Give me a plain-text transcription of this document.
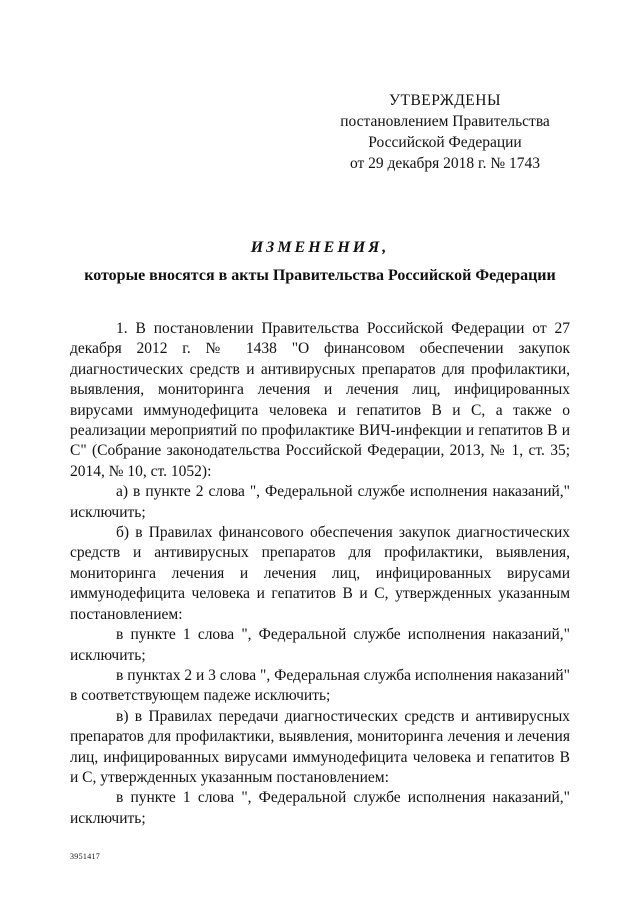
УТВЕРЖДЕНЫ
постановлением Правительства
Российской Федерации
от 29 декабря 2018 г. № 1743
ИЗМЕНЕНИЯ,
которые вносятся в акты Правительства Российской Федерации

1. В постановлении Правительства Российской Федерации от 27 декабря 2012 г. № 1438 "О финансовом обеспечении закупок диагностических средств и антивирусных препаратов для профилактики, выявления, мониторинга лечения и лечения лиц, инфицированных вирусами иммунодефицита человека и гепатитов В и С, а также о реализации мероприятий по профилактике ВИЧ-инфекции и гепатитов В и С" (Собрание законодательства Российской Федерации, 2013, № 1, ст. 35; 2014, № 10, ст. 1052):

а) в пункте 2 слова ", Федеральной службе исполнения наказаний," исключить;

б) в Правилах финансового обеспечения закупок диагностических средств и антивирусных препаратов для профилактики, выявления, мониторинга лечения и лечения лиц, инфицированных вирусами иммунодефицита человека и гепатитов В и С, утвержденных указанным постановлением:

в пункте 1 слова ", Федеральной службе исполнения наказаний," исключить;

в пунктах 2 и 3 слова ", Федеральная служба исполнения наказаний" в соответствующем падеже исключить;

в) в Правилах передачи диагностических средств и антивирусных препаратов для профилактики, выявления, мониторинга лечения и лечения лиц, инфицированных вирусами иммунодефицита человека и гепатитов В и С, утвержденных указанным постановлением:

в пункте 1 слова ", Федеральной службе исполнения наказаний," исключить;

3951417
